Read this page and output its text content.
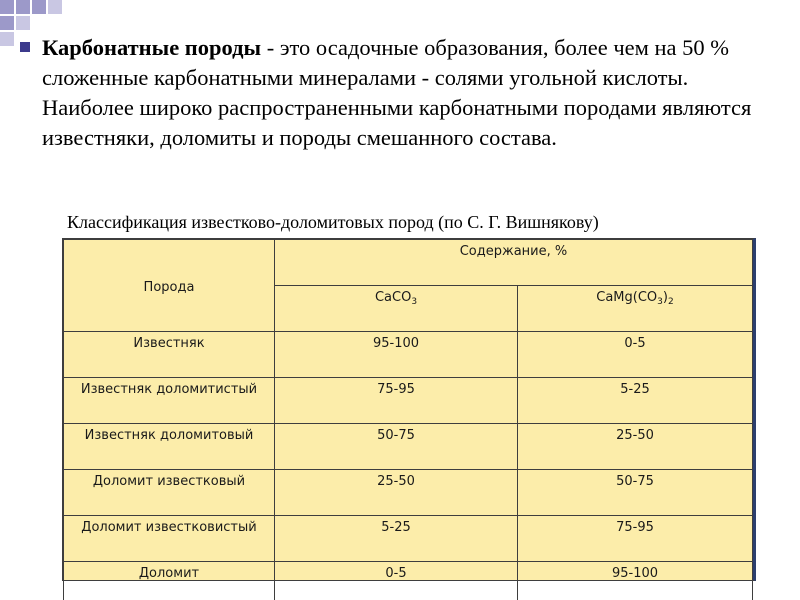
Карбонатные породы - это осадочные образования, более чем на 50 % сложенные карбонатными минералами - солями угольной кислоты. Наиболее широко распространенными карбонатными породами являются известняки, доломиты и породы смешанного состава.
Классификация известково-доломитовых пород (по С. Г. Вишнякову)
Порода	Содержание, %	
	CaCO$_3$	$CaMg(CO_3)_2$
Известняк	95-100	0-5
Известняк доломитистый	75-95	5-25
Известняк доломитовый	50-75	25-50
Доломит известковый	25-50	50-75
Доломит известковистый	5-25	75-95
Доломит	0-5	95-100
